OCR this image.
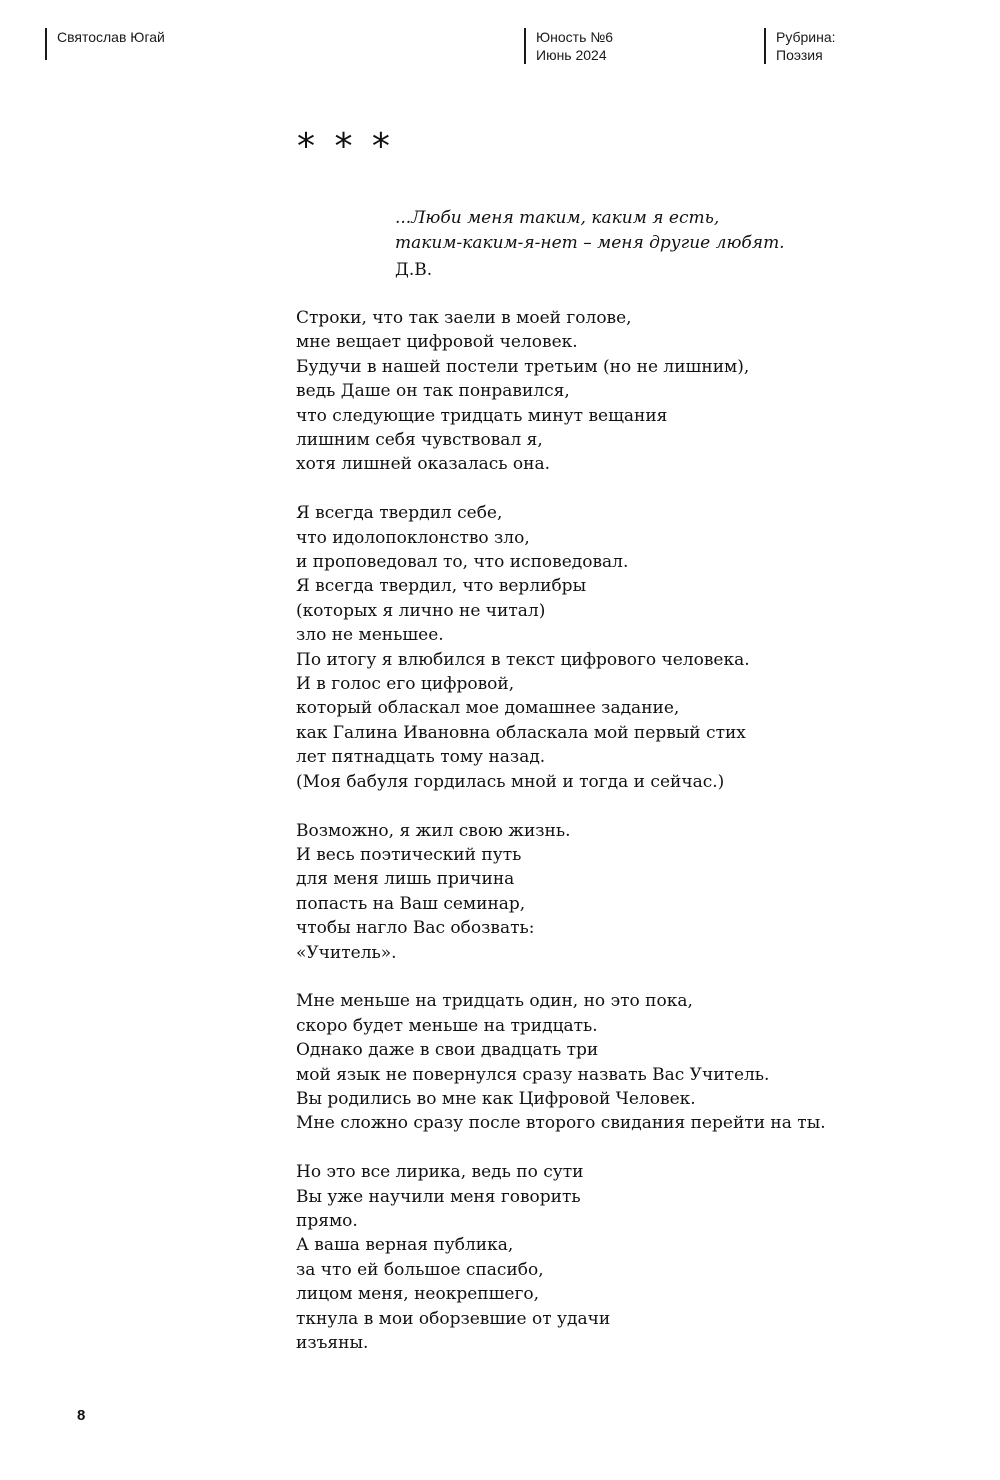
Святослав Югай	Юность №6
Июнь 2024
Рубрина:
Поэзия
* * *
...Люби меня таким, каким я есть,
таким-каким-я-нет – меня другие любят.
Д.В.
Строки, что так заели в моей голове,
мне вещает цифровой человек.
Будучи в нашей постели третьим (но не лишним),
ведь Даше он так понравился,
что следующие тридцать минут вещания
лишним себя чувствовал я,
хотя лишней оказалась она.
Я всегда твердил себе,
что идолопоклонство зло,
и проповедовал то, что исповедовал.
Я всегда твердил, что верлибры
(которых я лично не читал)
зло не меньшее.
По итогу я влюбился в текст цифрового человека.
И в голос его цифровой,
который обласкал мое домашнее задание,
как Галина Ивановна обласкала мой первый стих
лет пятнадцать тому назад.
(Моя бабуля гордилась мной и тогда и сейчас.)
Возможно, я жил свою жизнь.
И весь поэтический путь
для меня лишь причина
попасть на Ваш семинар,
чтобы нагло Вас обозвать:
«Учитель».
Мне меньше на тридцать один, но это пока,
скоро будет меньше на тридцать.
Однако даже в свои двадцать три
мой язык не повернулся сразу назвать Вас Учитель.
Вы родились во мне как Цифровой Человек.
Мне сложно сразу после второго свидания перейти на ты.
Но это все лирика, ведь по сути
Вы уже научили меня говорить
прямо.
А ваша верная публика,
за что ей большое спасибо,
лицом меня, неокрепшего,
ткнула в мои оборзевшие от удачи
изъяны.
8
